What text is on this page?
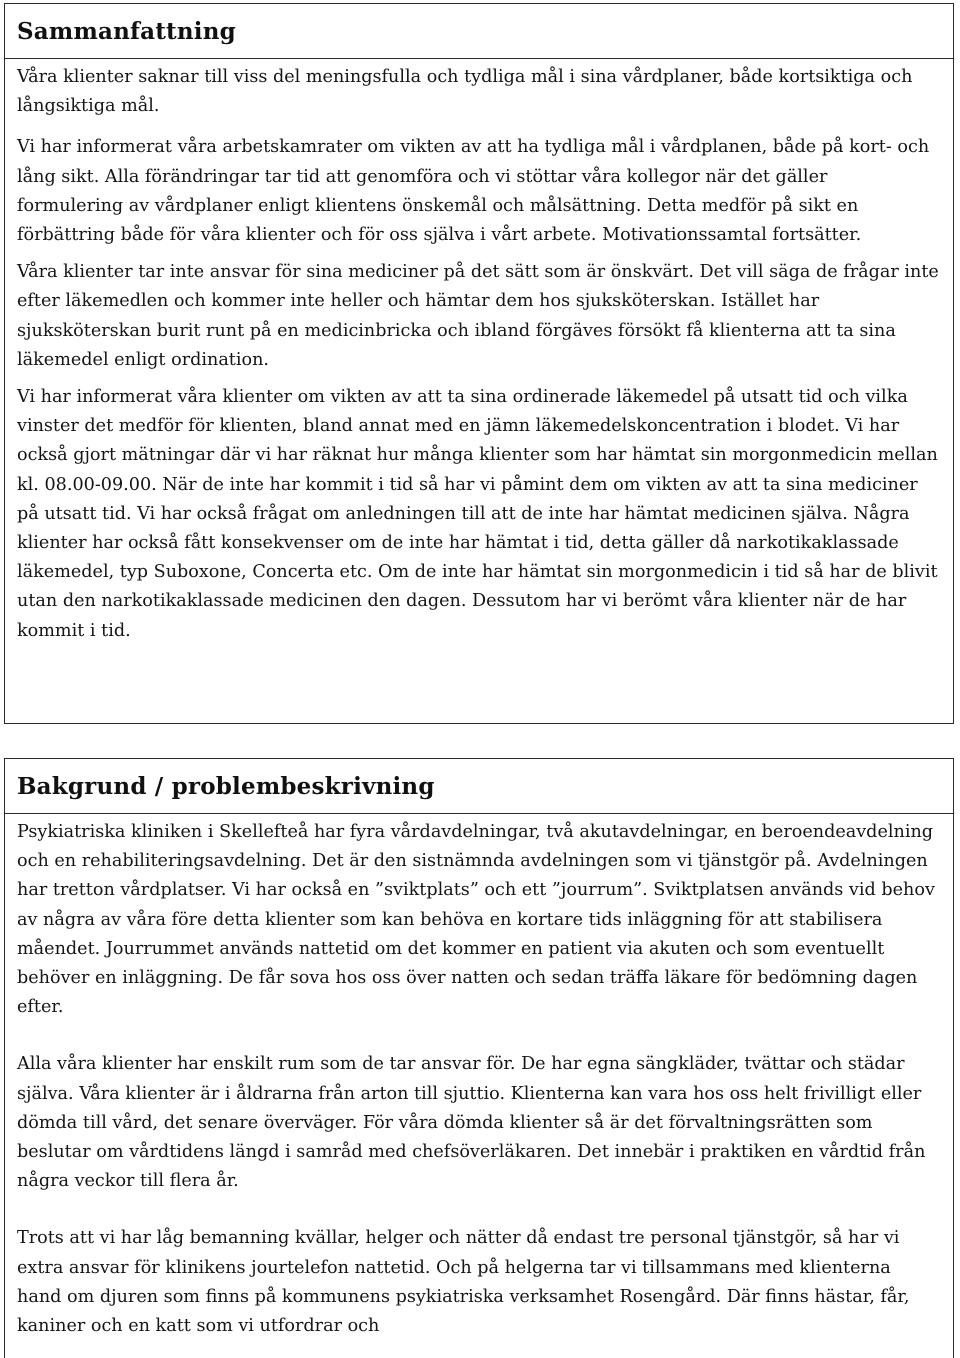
Sammanfattning

Våra klienter saknar till viss del meningsfulla och tydliga mål i sina vårdplaner, både kortsiktiga och långsiktiga mål.

Vi har informerat våra arbetskamrater om vikten av att ha tydliga mål i vårdplanen, både på kort- och lång sikt. Alla förändringar tar tid att genomföra och vi stöttar våra kollegor när det gäller formulering av vårdplaner enligt klientens önskemål och målsättning. Detta medför på sikt en förbättring både för våra klienter och för oss själva i vårt arbete. Motivationssamtal fortsätter.

Våra klienter tar inte ansvar för sina mediciner på det sätt som är önskvärt. Det vill säga de frågar inte efter läkemedlen och kommer inte heller och hämtar dem hos sjuksköterskan. Istället har sjuksköterskan burit runt på en medicinbricka och ibland förgäves försökt få klienterna att ta sina läkemedel enligt ordination.

Vi har informerat våra klienter om vikten av att ta sina ordinerade läkemedel på utsatt tid och vilka vinster det medför för klienten, bland annat med en jämn läkemedelskoncentration i blodet. Vi har också gjort mätningar där vi har räknat hur många klienter som har hämtat sin morgonmedicin mellan kl. 08.00-09.00. När de inte har kommit i tid så har vi påmint dem om vikten av att ta sina mediciner på utsatt tid. Vi har också frågat om anledningen till att de inte har hämtat medicinen själva. Några klienter har också fått konsekvenser om de inte har hämtat i tid, detta gäller då narkotikaklassade läkemedel, typ Suboxone, Concerta etc. Om de inte har hämtat sin morgonmedicin i tid så har de blivit utan den narkotikaklassade medicinen den dagen. Dessutom har vi berömt våra klienter när de har kommit i tid.

Bakgrund / problembeskrivning

Psykiatriska kliniken i Skellefteå har fyra vårdavdelningar, två akutavdelningar, en beroendeavdelning och en rehabiliteringsavdelning. Det är den sistnämnda avdelningen som vi tjänstgör på. Avdelningen har tretton vårdplatser. Vi har också en ”sviktplats” och ett ”jourrum”. Sviktplatsen används vid behov av några av våra före detta klienter som kan behöva en kortare tids inläggning för att stabilisera måendet. Jourrummet används nattetid om det kommer en patient via akuten och som eventuellt behöver en inläggning. De får sova hos oss över natten och sedan träffa läkare för bedömning dagen efter.

Alla våra klienter har enskilt rum som de tar ansvar för. De har egna sängkläder, tvättar och städar själva. Våra klienter är i åldrarna från arton till sjuttio. Klienterna kan vara hos oss helt frivilligt eller dömda till vård, det senare överväger. För våra dömda klienter så är det förvaltningsrätten som beslutar om vårdtidens längd i samråd med chefsöverläkaren. Det innebär i praktiken en vårdtid från några veckor till flera år.

Trots att vi har låg bemanning kvällar, helger och nätter då endast tre personal tjänstgör, så har vi extra ansvar för klinikens jourtelefon nattetid. Och på helgerna tar vi tillsammans med klienterna hand om djuren som finns på kommunens psykiatriska verksamhet Rosengård. Där finns hästar, får, kaniner och en katt som vi utfordrar och
